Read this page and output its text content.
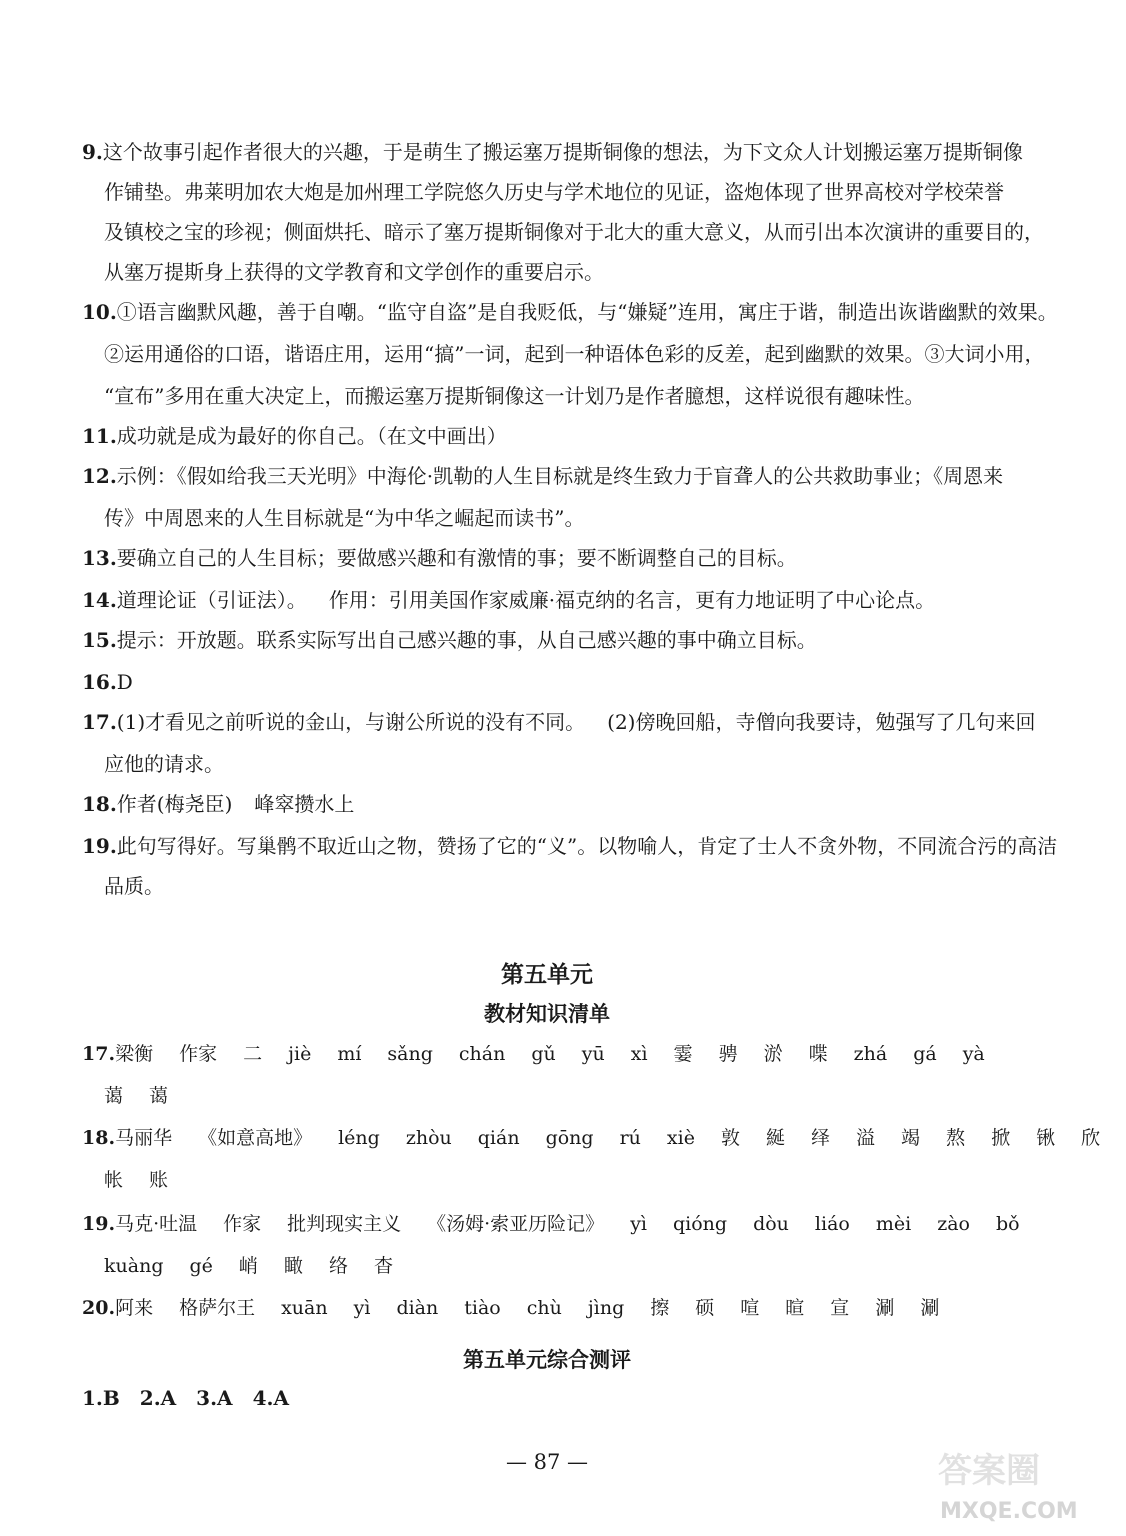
9.这个故事引起作者很大的兴趣，于是萌生了搬运塞万提斯铜像的想法，为下文众人计划搬运塞万提斯铜像
作铺垫。弗莱明加农大炮是加州理工学院悠久历史与学术地位的见证，盗炮体现了世界高校对学校荣誉
及镇校之宝的珍视；侧面烘托、暗示了塞万提斯铜像对于北大的重大意义，从而引出本次演讲的重要目的，
从塞万提斯身上获得的文学教育和文学创作的重要启示。
10.①语言幽默风趣，善于自嘲。“监守自盗”是自我贬低，与“嫌疑”连用，寓庄于谐，制造出诙谐幽默的效果。
②运用通俗的口语，谐语庄用，运用“搞”一词，起到一种语体色彩的反差，起到幽默的效果。③大词小用，
“宣布”多用在重大决定上，而搬运塞万提斯铜像这一计划乃是作者臆想，这样说很有趣味性。
11.成功就是成为最好的你自己。（在文中画出）
12.示例：《假如给我三天光明》中海伦·凯勒的人生目标就是终生致力于盲聋人的公共救助事业；《周恩来
传》中周恩来的人生目标就是“为中华之崛起而读书”。
13.要确立自己的人生目标；要做感兴趣和有激情的事；要不断调整自己的目标。
14.道理论证（引证法）。 作用：引用美国作家威廉·福克纳的名言，更有力地证明了中心论点。
15.提示：开放题。联系实际写出自己感兴趣的事，从自己感兴趣的事中确立目标。
16.D
17.(1)才看见之前听说的金山，与谢公所说的没有不同。 (2)傍晚回船，寺僧向我要诗，勉强写了几句来回
应他的请求。
18.作者(梅尧臣) 峰窣攒水上
19.此句写得好。写巢鹘不取近山之物，赞扬了它的“义”。以物喻人，肯定了士人不贪外物，不同流合污的高洁
品质。
第五单元
教材知识清单
17.梁衡 作家 二 jiè mí sǎng chán gǔ yū xì 霎 骋 淤 喋 zhá gá yà
蔼 蔼
18.马丽华 《如意高地》 léng zhòu qián gōng rú xiè 敦 綖 绎 溢 竭 熬 掀 锹 欣
帐 账
19.马克·吐温 作家 批判现实主义 《汤姆·索亚历险记》 yì qióng dòu liáo mèi zào bǒ
kuàng gé 峭 瞰 络 杳
20.阿来 格萨尔王 xuān yì diàn tiào chù jìng 擦 硕 喧 暄 宣 涮 涮
第五单元综合测评
1.B　2.A　3.A　4.A
— 87 —	答案圈
MXQE.COM
